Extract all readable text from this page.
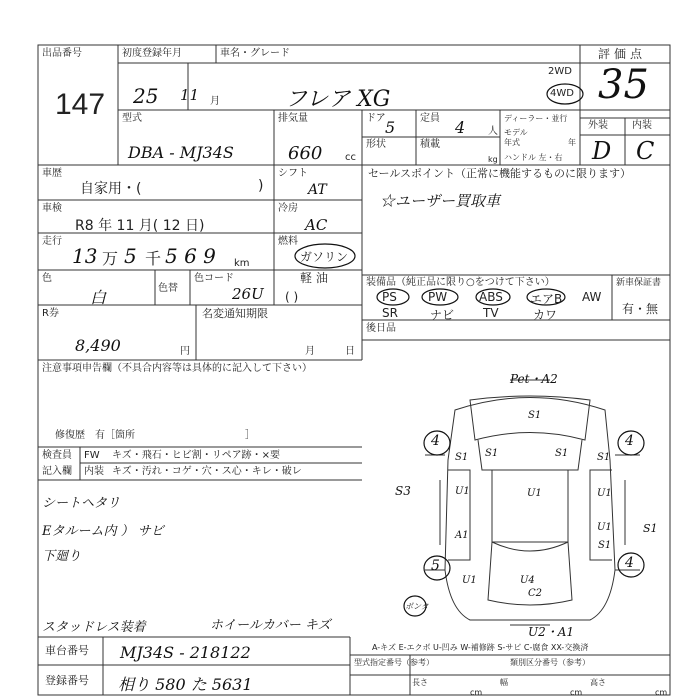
出品番号
147
初度登録年月	車名・グレード
25 11 月	フレア XG
2WD
4WD
評価点
35
外装 内装
D C
型式
DBA - MJ34S
排気量
660 cc
ドア 5 定員 4 人
形状	積載
kg
ディーラー・並行
モデル
年式	年
ハンドル 左・右
車歴
自家用・(	)
シフト
AT
車検
R8 年 11 月( 12 日)
冷房
AC
走行
13 万 5 千 5 6 9 km
燃料
ガソリン
軽 油
色
白	色替
色コード
26U ( )
セールスポイント（正常に機能するものに限ります）
☆ユーザー買取車
装備品（純正品に限り○をつけて下さい）	新車保証書
有・無
PS	PW	ABS エアB AW
SR	ナビ TV	カワ
後日品
R券
8,490	円
名変通知期限
月	日
注意事項申告欄（不具合内容等は具体的に記入して下さい）
修復歴　有［箇所　　　　　　　　　　　］
検査員
記入欄
FW キズ・飛石・ヒビ割・リペア跡・×要
内装 キズ・汚れ・コゲ・穴・ス心・キレ・破レ
シートヘタリ
Eタルーム内 ） サビ
下廻り
スタッドレス装着	ホイールカバー キズ
車台番号 MJ34S - 218122
登録番号 相り 580 た 5631
A-キズ E-エクボ U-凹み W-補修跡 S-サビ C-腐食 XX-交換済
型式指定番号（参考）	類別区分番号（参考）
長さ
cm
幅
cm
高さ
cm
Pet・A2
U2・A1
4	4
5	4
S3
S1
S1
S1	S1
S1	S1
U1	U1	U1
A1
U1
S1
U4
C2
U1
ポンタ
